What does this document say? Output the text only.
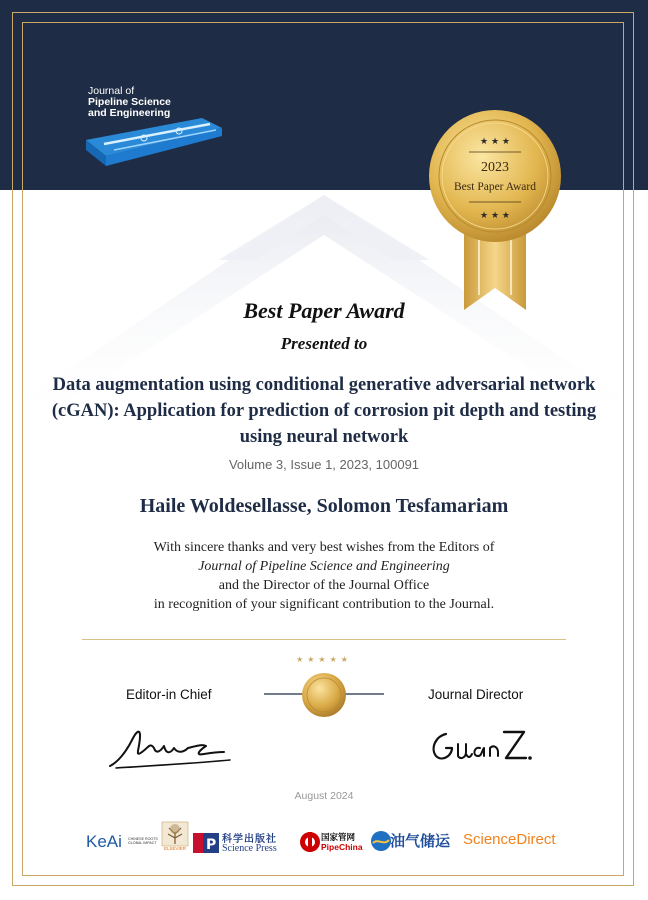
Journal of
Pipeline Science
and Engineering
★ ★ ★
★ ★ ★
2023
Best Paper Award
Best Paper Award
Presented to
Data augmentation using conditional generative adversarial network (cGAN): Application for prediction of corrosion pit depth and testing using neural network
Volume 3, Issue 1, 2023, 100091
Haile Woldesellasse, Solomon Tesfamariam
With sincere thanks and very best wishes from the Editors of
Journal of Pipeline Science and Engineering
and the Director of the Journal Office
in recognition of your significant contribution to the Journal.
★★★★★
Editor-in Chief	Journal Director
August 2024
KeAi CHINESE ROOTS GLOBAL IMPACT
ELSEVIER P 科学出版社
Science Press
国家管网
PipeChina 油气储运 ScienceDirect
